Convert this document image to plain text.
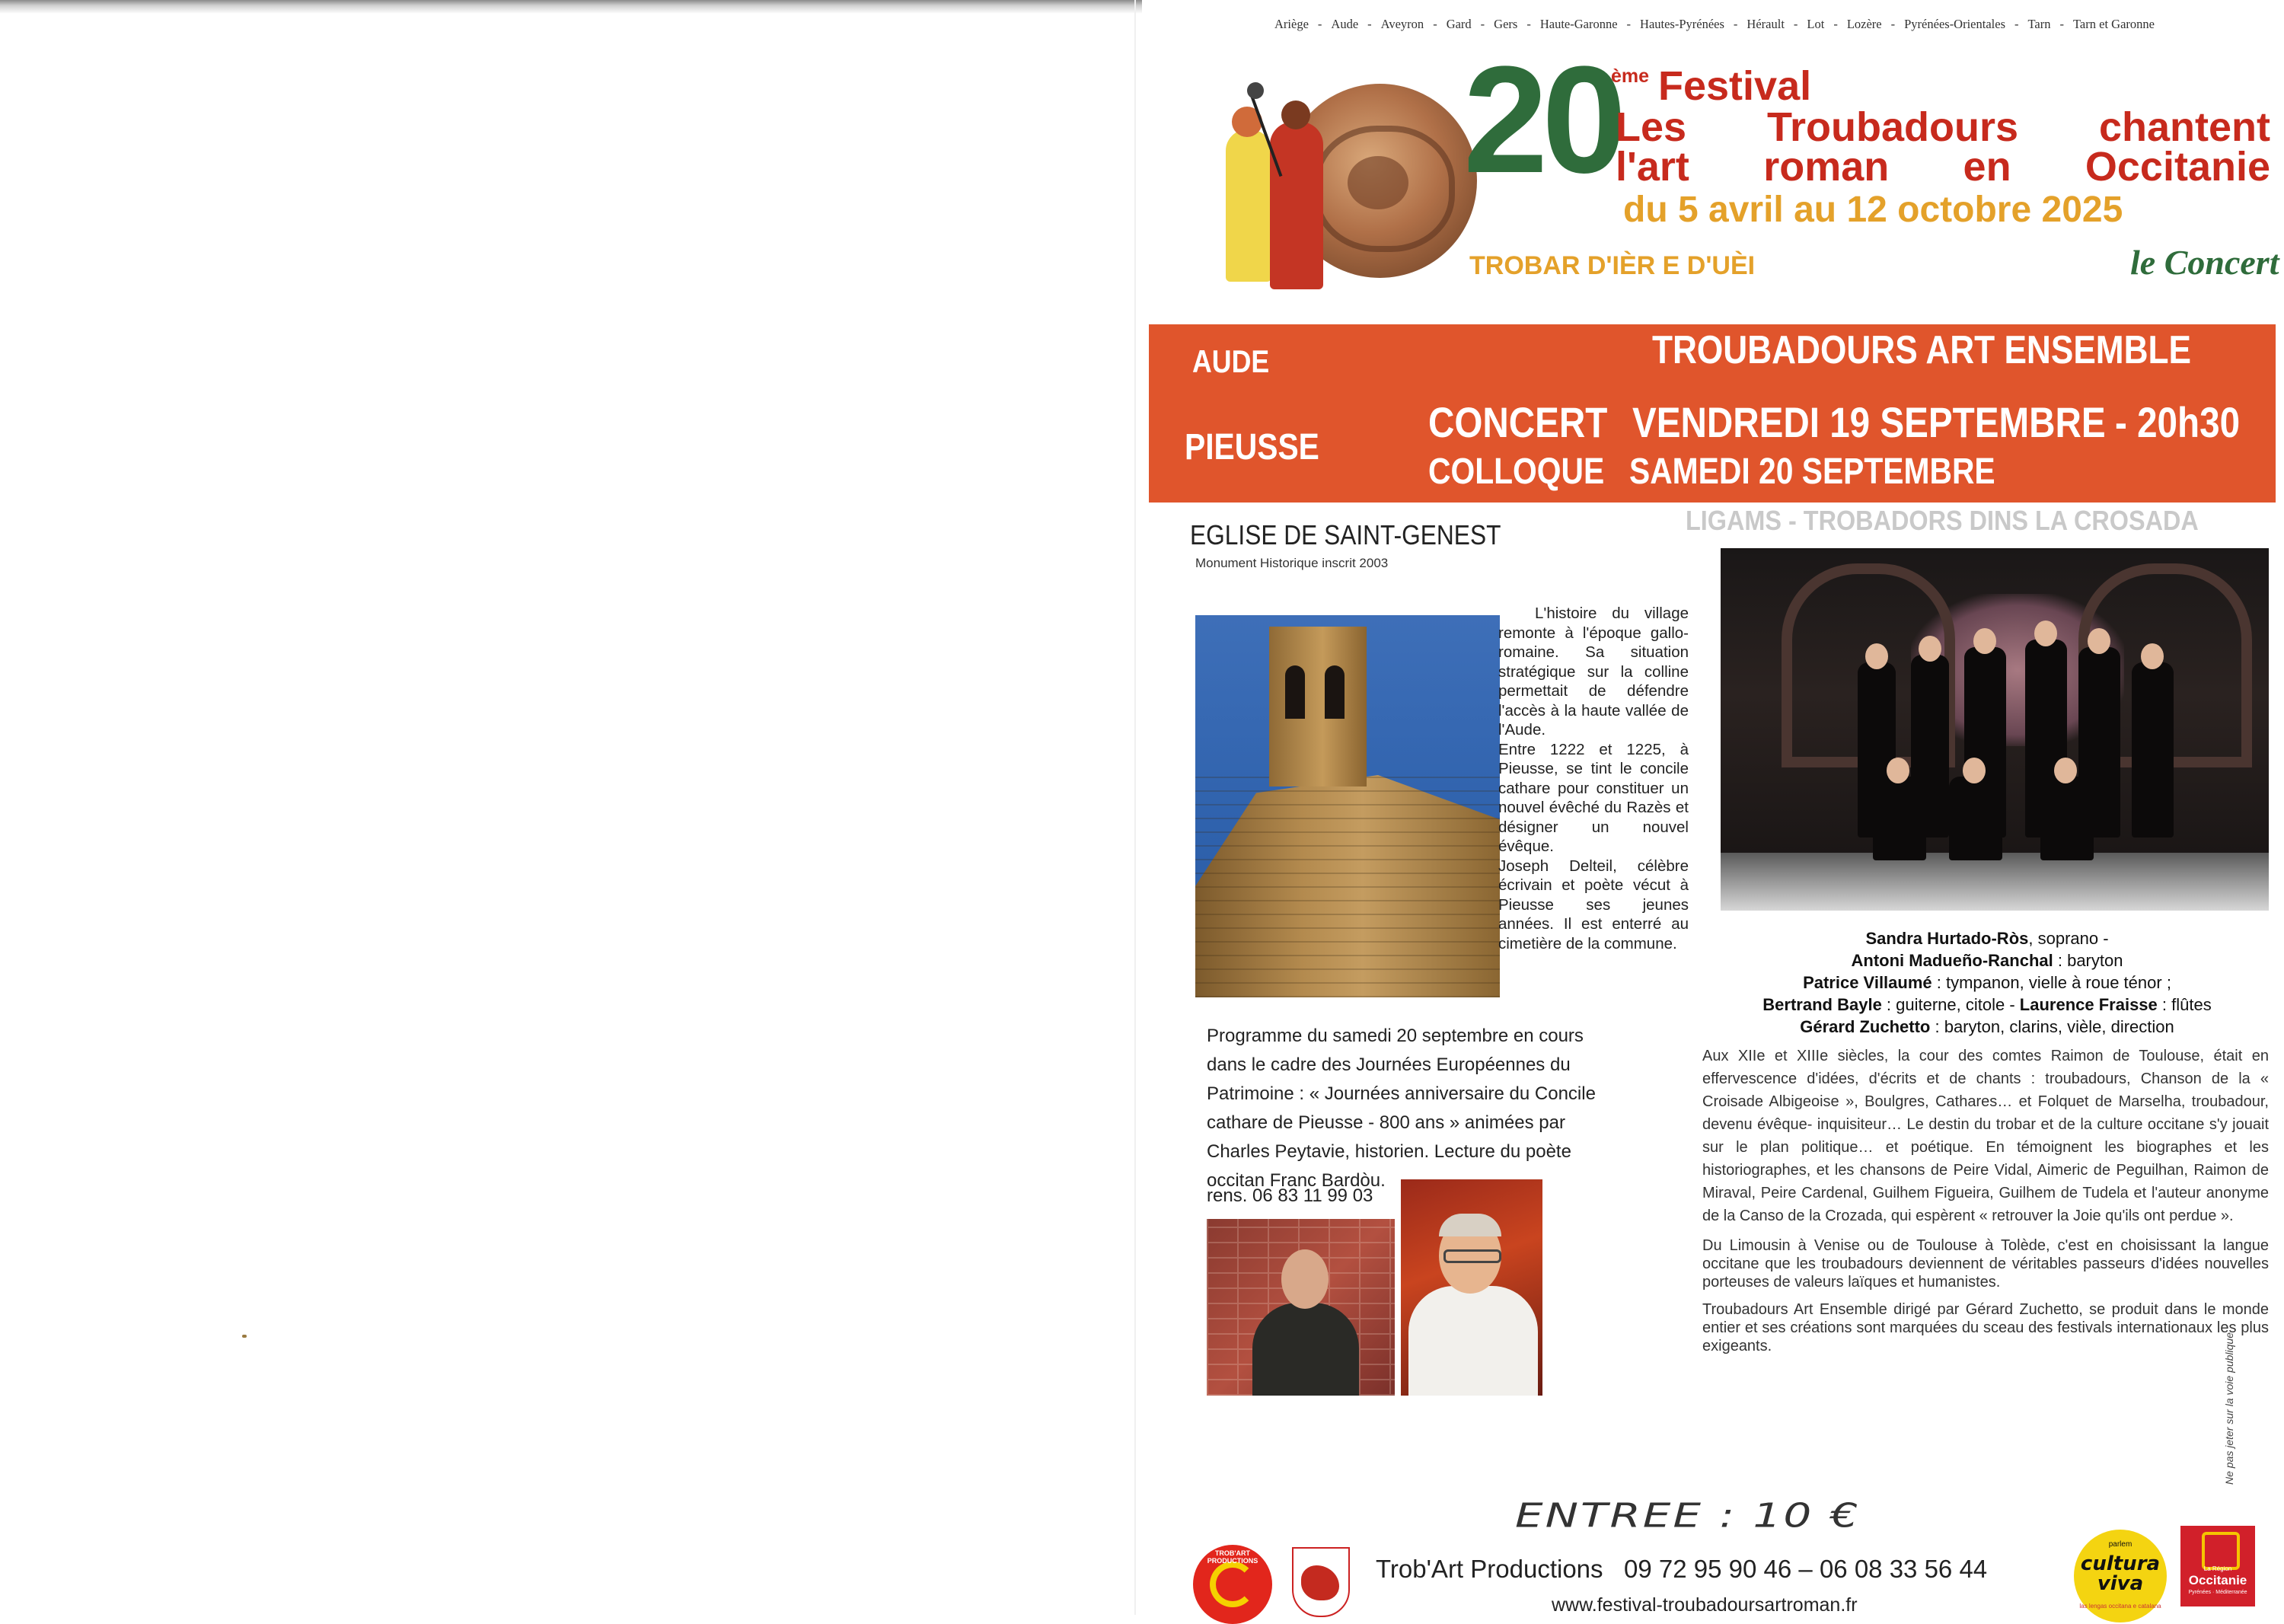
Ariège - Aude - Aveyron - Gard - Gers - Haute-Garonne - Hautes-Pyrénées - Hérault - Lot - Lozère - Pyrénées-Orientales - Tarn - Tarn et Garonne
20
ème Festival
Les Troubadours chantent
l'art roman en Occitanie
du 5 avril au 12 octobre 2025
TROBAR D'IÈR E D'UÈI	le Concert
AUDE	TROUBADOURS ART ENSEMBLE
PIEUSSE
CONCERT VENDREDI 19 SEPTEMBRE - 20h30
COLLOQUE SAMEDI 20 SEPTEMBRE
LIGAMS - TROBADORS DINS LA CROSADA
EGLISE DE SAINT-GENEST
Monument Historique inscrit 2003

L'histoire du village remonte à l'époque gallo-romaine. Sa situation stratégique sur la colline permettait de défendre l'accès à la haute vallée de l'Aude.

Entre 1222 et 1225, à Pieusse, se tint le concile cathare pour constituer un nouvel évêché du Razès et désigner un nouvel évêque.

Joseph Delteil, célèbre écrivain et poète vécut à Pieusse ses jeunes années. Il est enterré au cimetière de la commune.	Sandra Hurtado-Ròs, soprano -
Antoni Madueño-Ranchal : baryton
Patrice Villaumé : tympanon, vielle à roue ténor ;
Bertrand Bayle : guiterne, citole - Laurence Fraisse : flûtes
Gérard Zuchetto : baryton, clarins, vièle, direction

Aux XIIe et XIIIe siècles, la cour des comtes Raimon de Toulouse, était en effervescence d'idées, d'écrits et de chants : troubadours, Chanson de la « Croisade Albigeoise », Boulgres, Cathares… et Folquet de Marselha, troubadour, devenu évêque- inquisiteur… Le destin du trobar et de la culture occitane s'y jouait sur le plan politique… et poétique. En témoignent les biographes et les historiographes, et les chansons de Peire Vidal, Aimeric de Peguilhan, Raimon de Miraval, Peire Cardenal, Guilhem Figueira, Guilhem de Tudela et l'auteur anonyme de la Canso de la Crozada, qui espèrent « retrouver la Joie qu'ils ont perdue ».

Du Limousin à Venise ou de Toulouse à Tolède, c'est en choisissant la langue occitane que les troubadours deviennent de véritables passeurs d'idées nouvelles porteuses de valeurs laïques et humanistes.

Troubadours Art Ensemble dirigé par Gérard Zuchetto, se produit dans le monde entier et ses créations sont marquées du sceau des festivals internationaux les plus exigeants.

Programme du samedi 20 septembre en cours dans le cadre des Journées Européennes du Patrimoine : « Journées anniversaire du Concile cathare de Pieusse - 800 ans » animées par Charles Peytavie, historien. Lecture du poète occitan Franc Bardòu.
rens. 06 83 11 99 03
ENTREE : 10 €
TROB'ART PRODUCTIONS	Trob'Art Productions 09 72 95 90 46 – 06 08 33 56 44
www.festival-troubadoursartroman.fr
parlem
cultura viva
las lengas occitana e catalana
La Région
Occitanie
Pyrénées · Méditerranée
Ne pas jeter sur la voie publique
